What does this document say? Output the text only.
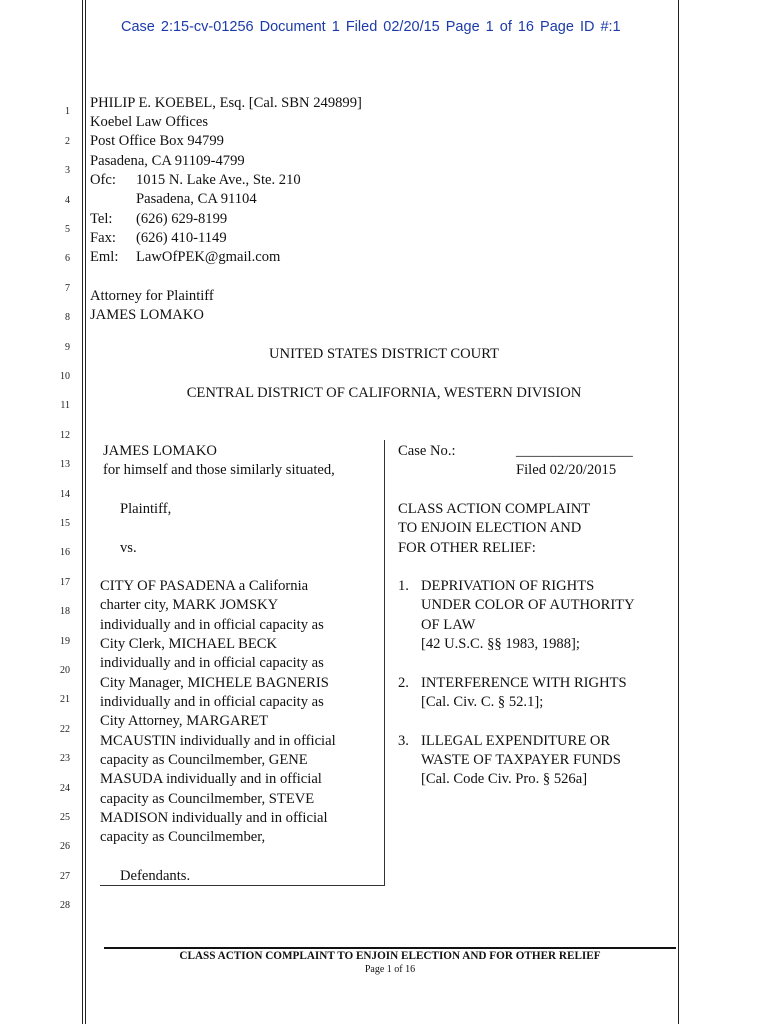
Case 2:15-cv-01256 Document 1 Filed 02/20/15 Page 1 of 16 Page ID #:1
1
2
3
4
5
6
7
8
9
10
11
12
13
14
15
16
17
18
19
20
21
22
23
24
25
26
27
28
PHILIP E. KOEBEL, Esq. [Cal. SBN 249899]
Koebel Law Offices
Post Office Box 94799
Pasadena, CA 91109-4799
Ofc: 1015 N. Lake Ave., Ste. 210
Pasadena, CA 91104
Tel: (626) 629-8199
Fax: (626) 410-1149
Eml: LawOfPEK@gmail.com
Attorney for Plaintiff
JAMES LOMAKO
UNITED STATES DISTRICT COURT
CENTRAL DISTRICT OF CALIFORNIA, WESTERN DIVISION
JAMES LOMAKO
for himself and those similarly situated,
Plaintiff,
vs.
CITY OF PASADENA a California
charter city, MARK JOMSKY
individually and in official capacity as
City Clerk, MICHAEL BECK
individually and in official capacity as
City Manager, MICHELE BAGNERIS
individually and in official capacity as
City Attorney, MARGARET
MCAUSTIN individually and in official
capacity as Councilmember, GENE
MASUDA individually and in official
capacity as Councilmember, STEVE
MADISON individually and in official
capacity as Councilmember,
Defendants.
Case No.:	________________
Filed 02/20/2015
CLASS ACTION COMPLAINT
TO ENJOIN ELECTION AND
FOR OTHER RELIEF:
1. DEPRIVATION OF RIGHTS
UNDER COLOR OF AUTHORITY
OF LAW
[42 U.S.C. §§ 1983, 1988];
2. INTERFERENCE WITH RIGHTS
[Cal. Civ. C. § 52.1];
3. ILLEGAL EXPENDITURE OR
WASTE OF TAXPAYER FUNDS
[Cal. Code Civ. Pro. § 526a]
CLASS ACTION COMPLAINT TO ENJOIN ELECTION AND FOR OTHER RELIEF
Page 1 of 16
